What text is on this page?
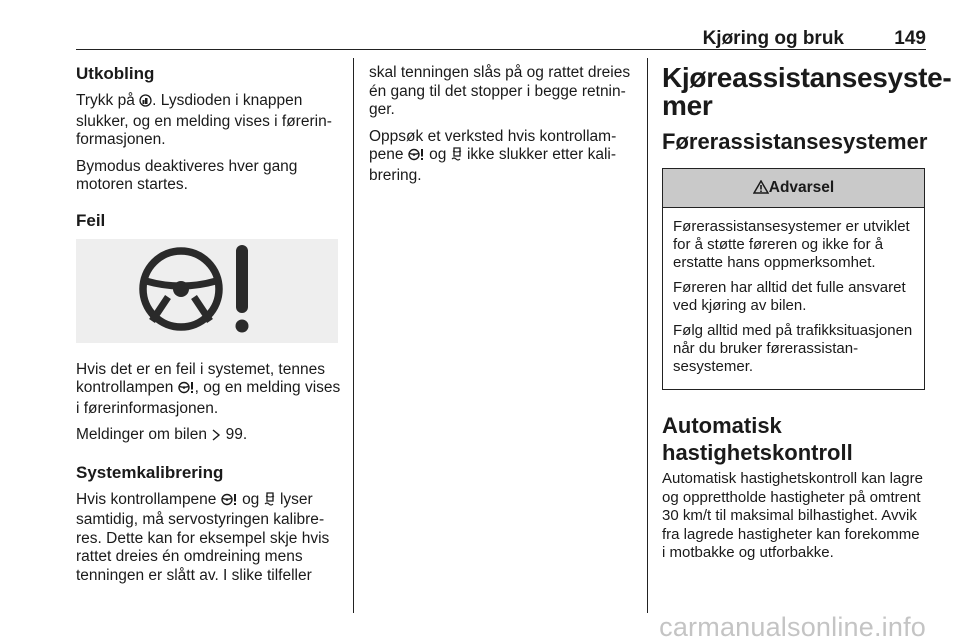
Kjøring og bruk	149
Utkobling

Trykk på . Lysdioden i knappen slukker, og en melding vises i førerinformasjonen.

Bymodus deaktiveres hver gang motoren startes.

Feil

Hvis det er en feil i systemet, tennes kontrollampen , og en melding vises i førerinformasjonen.

Meldinger om bilen 99.

Systemkalibrering

Hvis kontrollampene og lyser samtidig, må servostyringen kalibreres. Dette kan for eksempel skje hvis rattet dreies én omdreining mens tenningen er slått av. I slike tilfeller

skal tenningen slås på og rattet dreies én gang til det stopper i begge retninger.

Oppsøk et verksted hvis kontrollampene og ikke slukker etter kalibrering.

Kjøreassistansesystemer
Førerassistansesystemer
Advarsel

Førerassistansesystemer er utviklet for å støtte føreren og ikke for å erstatte hans oppmerksomhet.

Føreren har alltid det fulle ansvaret ved kjøring av bilen.

Følg alltid med på trafikksituasjonen når du bruker førerassistansesystemer.

Automatisk hastighetskontroll

Automatisk hastighetskontroll kan lagre og opprettholde hastigheter på omtrent 30 km/t til maksimal bilhastighet. Avvik fra lagrede hastigheter kan forekomme i motbakke og utforbakke.

carmanualsonline.info
